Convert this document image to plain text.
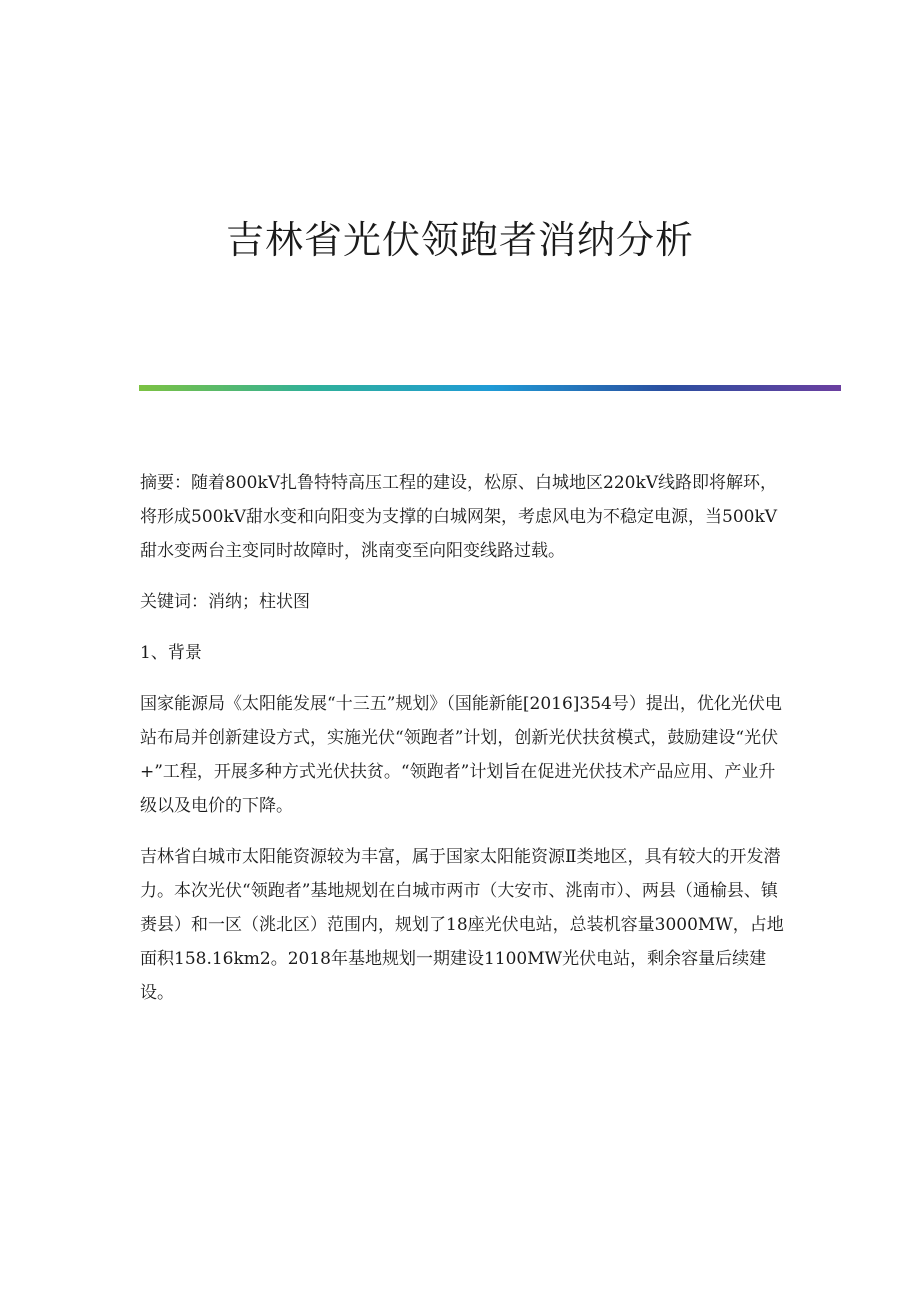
吉林省光伏领跑者消纳分析

摘要：随着800kV扎鲁特特高压工程的建设，松原、白城地区220kV线路即将解环，将形成500kV甜水变和向阳变为支撑的白城网架，考虑风电为不稳定电源，当500kV甜水变两台主变同时故障时，洮南变至向阳变线路过载。

关键词：消纳；柱状图

1、背景

国家能源局《太阳能发展“十三五”规划》（国能新能[2016]354号）提出，优化光伏电站布局并创新建设方式，实施光伏“领跑者”计划，创新光伏扶贫模式，鼓励建设“光伏+”工程，开展多种方式光伏扶贫。“领跑者”计划旨在促进光伏技术产品应用、产业升级以及电价的下降。

吉林省白城市太阳能资源较为丰富，属于国家太阳能资源Ⅱ类地区，具有较大的开发潜力。本次光伏“领跑者”基地规划在白城市两市（大安市、洮南市）、两县（通榆县、镇赉县）和一区（洮北区）范围内，规划了18座光伏电站，总装机容量3000MW，占地面积158.16km2。2018年基地规划一期建设1100MW光伏电站，剩余容量后续建设。
